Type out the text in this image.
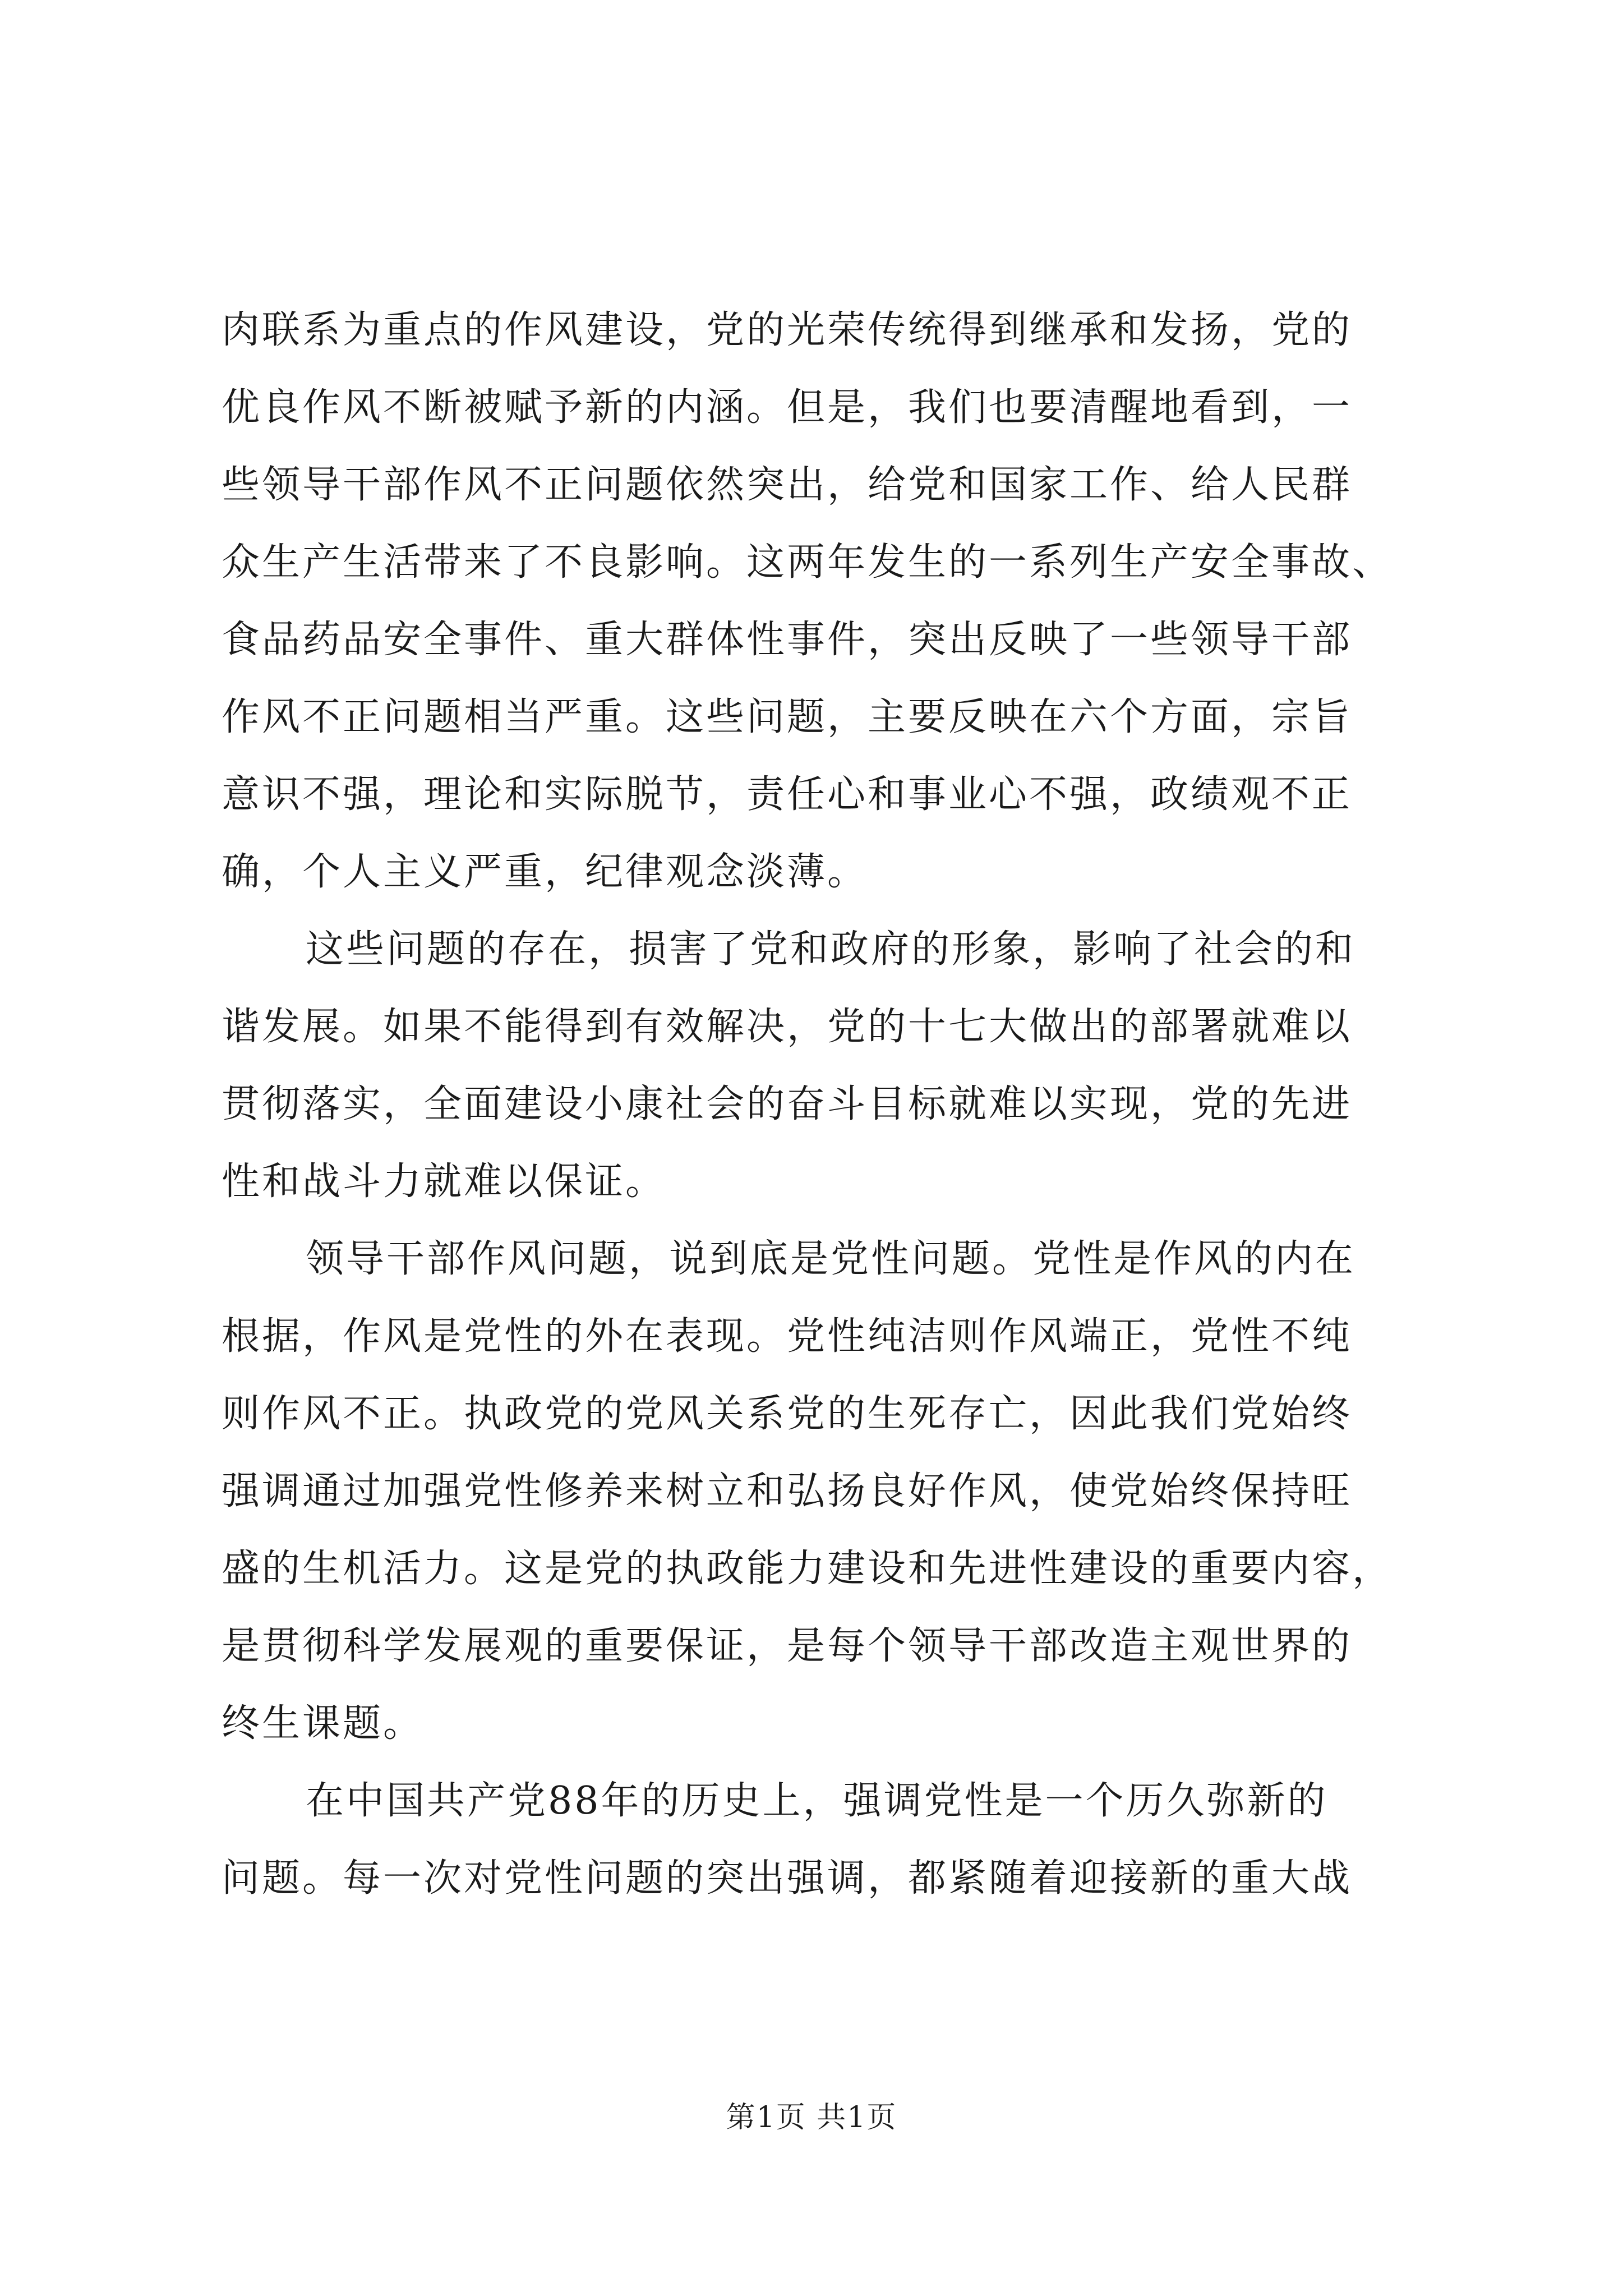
肉联系为重点的作风建设，党的光荣传统得到继承和发扬，党的
优良作风不断被赋予新的内涵。但是，我们也要清醒地看到，一
些领导干部作风不正问题依然突出，给党和国家工作、给人民群
众生产生活带来了不良影响。这两年发生的一系列生产安全事故、
食品药品安全事件、重大群体性事件，突出反映了一些领导干部
作风不正问题相当严重。这些问题，主要反映在六个方面，宗旨
意识不强，理论和实际脱节，责任心和事业心不强，政绩观不正
确，个人主义严重，纪律观念淡薄。
这些问题的存在，损害了党和政府的形象，影响了社会的和
谐发展。如果不能得到有效解决，党的十七大做出的部署就难以
贯彻落实，全面建设小康社会的奋斗目标就难以实现，党的先进
性和战斗力就难以保证。
领导干部作风问题，说到底是党性问题。党性是作风的内在
根据，作风是党性的外在表现。党性纯洁则作风端正，党性不纯
则作风不正。执政党的党风关系党的生死存亡，因此我们党始终
强调通过加强党性修养来树立和弘扬良好作风，使党始终保持旺
盛的生机活力。这是党的执政能力建设和先进性建设的重要内容，
是贯彻科学发展观的重要保证，是每个领导干部改造主观世界的
终生课题。
在中国共产党88年的历史上，强调党性是一个历久弥新的
问题。每一次对党性问题的突出强调，都紧随着迎接新的重大战
第1页 共1页
